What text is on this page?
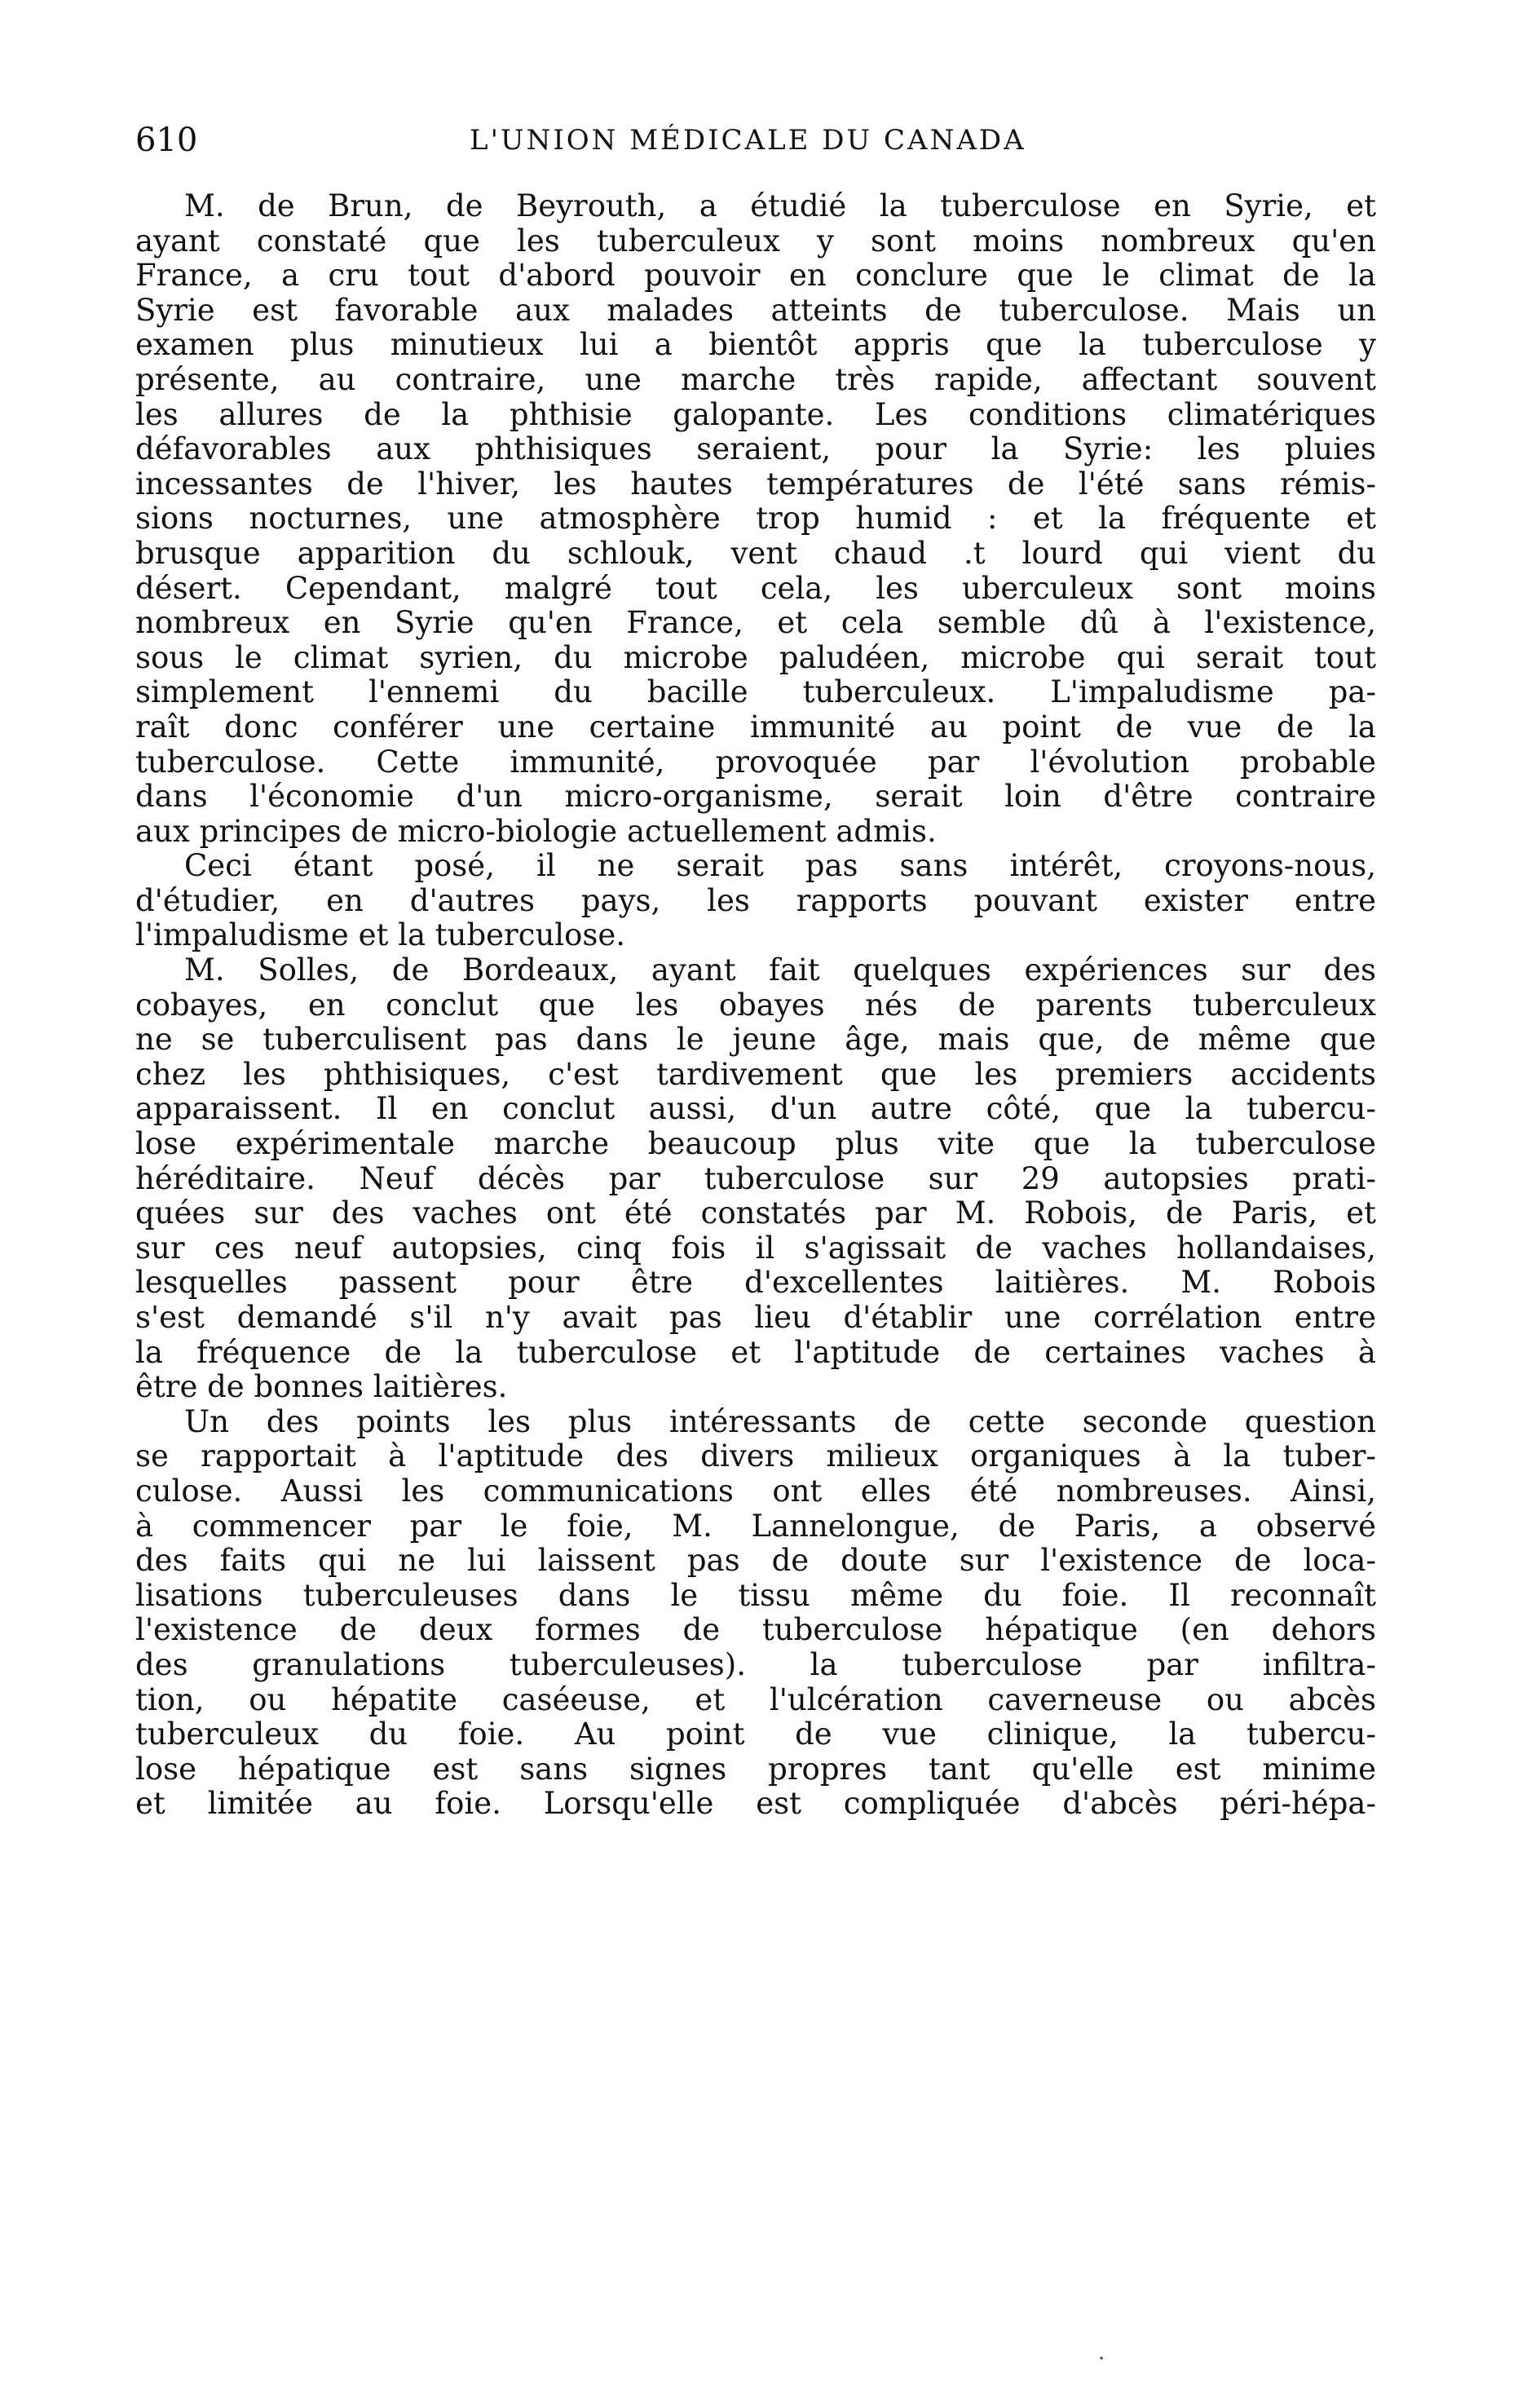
610	L'UNION MÉDICALE DU CANADA
M. de Brun, de Beyrouth, a étudié la tuberculose en Syrie, et
ayant constaté que les tuberculeux y sont moins nombreux qu'en
France, a cru tout d'abord pouvoir en conclure que le climat de la
Syrie est favorable aux malades atteints de tuberculose. Mais un
examen plus minutieux lui a bientôt appris que la tuberculose y
présente, au contraire, une marche très rapide, affectant souvent
les allures de la phthisie galopante. Les conditions climatériques
défavorables aux phthisiques seraient, pour la Syrie: les pluies
incessantes de l'hiver, les hautes températures de l'été sans rémis-
sions nocturnes, une atmosphère trop humid : et la fréquente et
brusque apparition du schlouk, vent chaud .t lourd qui vient du
désert. Cependant, malgré tout cela, les uberculeux sont moins
nombreux en Syrie qu'en France, et cela semble dû à l'existence,
sous le climat syrien, du microbe paludéen, microbe qui serait tout
simplement l'ennemi du bacille tuberculeux. L'impaludisme pa-
raît donc conférer une certaine immunité au point de vue de la
tuberculose. Cette immunité, provoquée par l'évolution probable
dans l'économie d'un micro-organisme, serait loin d'être contraire
aux principes de micro-biologie actuellement admis.
Ceci étant posé, il ne serait pas sans intérêt, croyons-nous,
d'étudier, en d'autres pays, les rapports pouvant exister entre
l'impaludisme et la tuberculose.
M. Solles, de Bordeaux, ayant fait quelques expériences sur des
cobayes, en conclut que les obayes nés de parents tuberculeux
ne se tuberculisent pas dans le jeune âge, mais que, de même que
chez les phthisiques, c'est tardivement que les premiers accidents
apparaissent. Il en conclut aussi, d'un autre côté, que la tubercu-
lose expérimentale marche beaucoup plus vite que la tuberculose
héréditaire. Neuf décès par tuberculose sur 29 autopsies prati-
quées sur des vaches ont été constatés par M. Robois, de Paris, et
sur ces neuf autopsies, cinq fois il s'agissait de vaches hollandaises,
lesquelles passent pour être d'excellentes laitières. M. Robois
s'est demandé s'il n'y avait pas lieu d'établir une corrélation entre
la fréquence de la tuberculose et l'aptitude de certaines vaches à
être de bonnes laitières.
Un des points les plus intéressants de cette seconde question
se rapportait à l'aptitude des divers milieux organiques à la tuber-
culose. Aussi les communications ont elles été nombreuses. Ainsi,
à commencer par le foie, M. Lannelongue, de Paris, a observé
des faits qui ne lui laissent pas de doute sur l'existence de loca-
lisations tuberculeuses dans le tissu même du foie. Il reconnaît
l'existence de deux formes de tuberculose hépatique (en dehors
des granulations tuberculeuses). la tuberculose par infiltra-
tion, ou hépatite caséeuse, et l'ulcération caverneuse ou abcès
tuberculeux du foie. Au point de vue clinique, la tubercu-
lose hépatique est sans signes propres tant qu'elle est minime
et limitée au foie. Lorsqu'elle est compliquée d'abcès péri-hépa-
.
